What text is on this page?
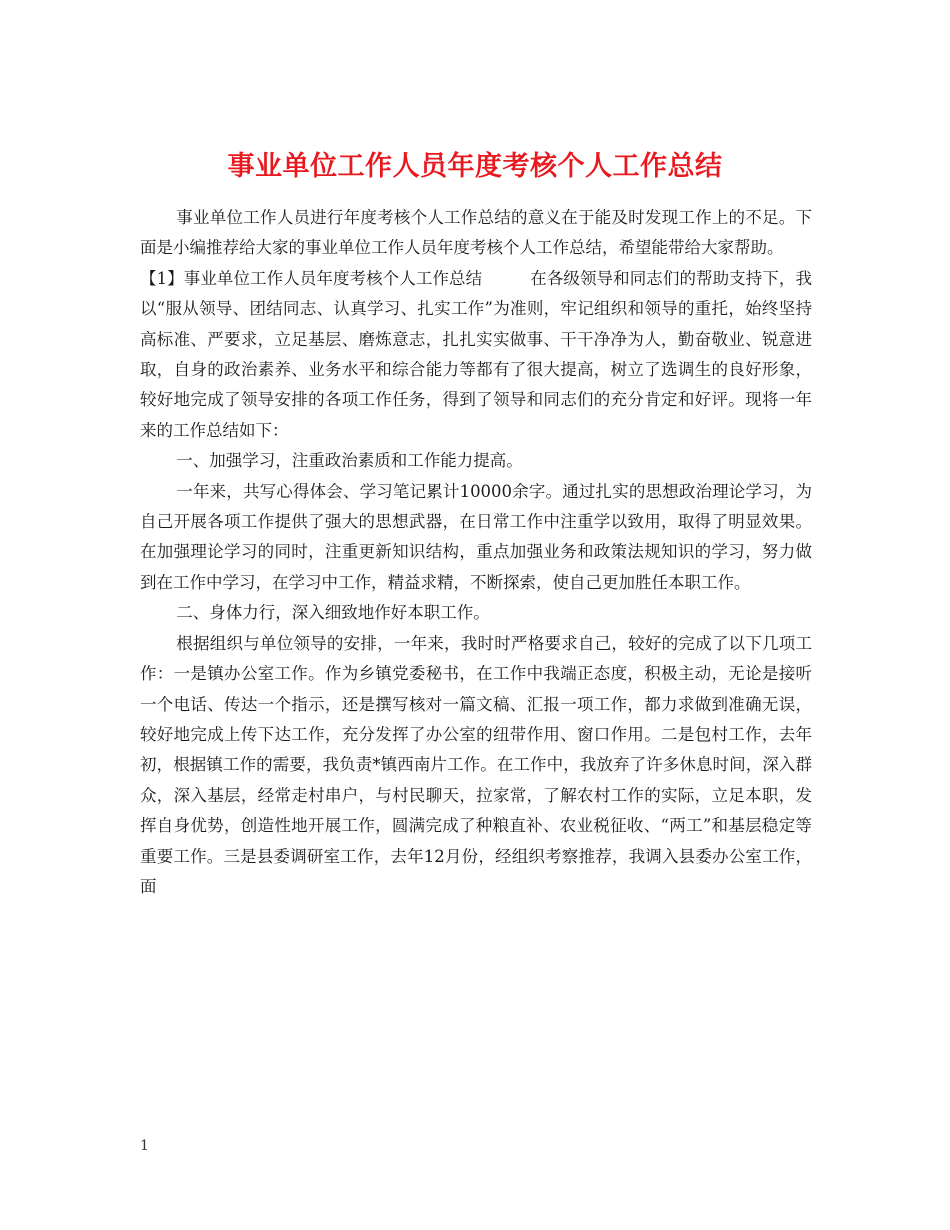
事业单位工作人员年度考核个人工作总结

事业单位工作人员进行年度考核个人工作总结的意义在于能及时发现工作上的不足。下面是小编推荐给大家的事业单位工作人员年度考核个人工作总结，希望能带给大家帮助。

【1】事业单位工作人员年度考核个人工作总结	在各级领导和同志们的帮助支持下，我以“服从领导、团结同志、认真学习、扎实工作”为准则，牢记组织和领导的重托，始终坚持高标准、严要求，立足基层、磨炼意志，扎扎实实做事、干干净净为人，勤奋敬业、锐意进取，自身的政治素养、业务水平和综合能力等都有了很大提高，树立了选调生的良好形象，较好地完成了领导安排的各项工作任务，得到了领导和同志们的充分肯定和好评。现将一年来的工作总结如下：

一、加强学习，注重政治素质和工作能力提高。

一年来，共写心得体会、学习笔记累计10000余字。通过扎实的思想政治理论学习，为自己开展各项工作提供了强大的思想武器，在日常工作中注重学以致用，取得了明显效果。在加强理论学习的同时，注重更新知识结构，重点加强业务和政策法规知识的学习，努力做到在工作中学习，在学习中工作，精益求精，不断探索，使自己更加胜任本职工作。

二、身体力行，深入细致地作好本职工作。

根据组织与单位领导的安排，一年来，我时时严格要求自己，较好的完成了以下几项工作：一是镇办公室工作。作为乡镇党委秘书，在工作中我端正态度，积极主动，无论是接听一个电话、传达一个指示，还是撰写核对一篇文稿、汇报一项工作，都力求做到准确无误，较好地完成上传下达工作，充分发挥了办公室的纽带作用、窗口作用。二是包村工作，去年初，根据镇工作的需要，我负责*镇西南片工作。在工作中，我放弃了许多休息时间，深入群众，深入基层，经常走村串户，与村民聊天，拉家常，了解农村工作的实际，立足本职，发挥自身优势，创造性地开展工作，圆满完成了种粮直补、农业税征收、“两工”和基层稳定等重要工作。三是县委调研室工作，去年12月份，经组织考察推荐，我调入县委办公室工作，面

1
